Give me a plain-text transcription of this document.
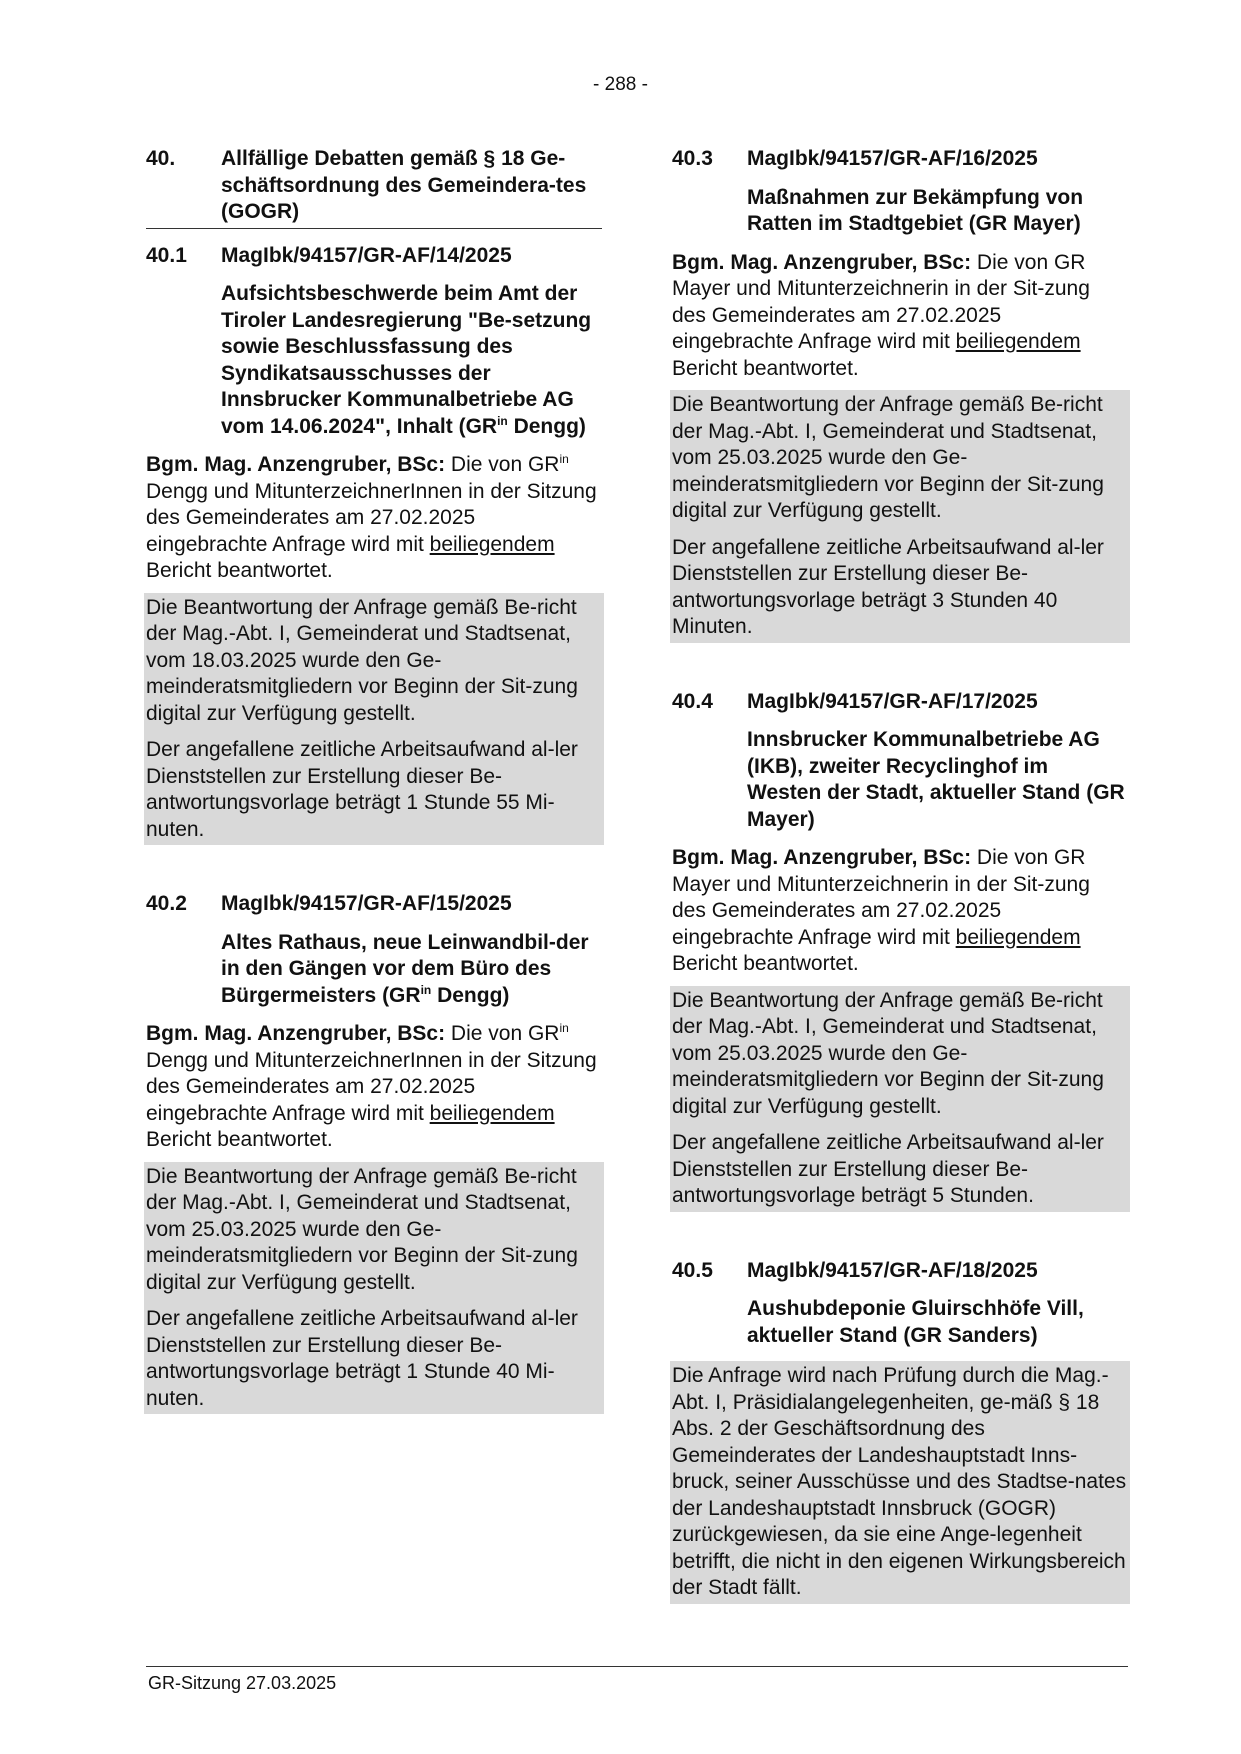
- 288 -
40.	Allfällige Debatten gemäß § 18 Ge-schäftsordnung des Gemeindera-tes (GOGR)
40.1	MagIbk/94157/GR-AF/14/2025
Aufsichtsbeschwerde beim Amt der Tiroler Landesregierung "Be-setzung sowie Beschlussfassung des Syndikatsausschusses der Innsbrucker Kommunalbetriebe AG vom 14.06.2024", Inhalt ($GR^{in}$ Dengg)
Bgm. Mag. Anzengruber, BSc: Die von $GR^{in}$ Dengg und MitunterzeichnerInnen in der Sitzung des Gemeinderates am 27.02.2025 eingebrachte Anfrage wird mit beiliegendem Bericht beantwortet.
Die Beantwortung der Anfrage gemäß Be-richt der Mag.-Abt. I, Gemeinderat und Stadtsenat, vom 18.03.2025 wurde den Ge-meinderatsmitgliedern vor Beginn der Sit-zung digital zur Verfügung gestellt.
Der angefallene zeitliche Arbeitsaufwand al-ler Dienststellen zur Erstellung dieser Be-antwortungsvorlage beträgt 1 Stunde 55 Mi-nuten.
40.2	MagIbk/94157/GR-AF/15/2025
Altes Rathaus, neue Leinwandbil-der in den Gängen vor dem Büro des Bürgermeisters ($GR^{in}$ Dengg)
Bgm. Mag. Anzengruber, BSc: Die von $GR^{in}$ Dengg und MitunterzeichnerInnen in der Sitzung des Gemeinderates am 27.02.2025 eingebrachte Anfrage wird mit beiliegendem Bericht beantwortet.
Die Beantwortung der Anfrage gemäß Be-richt der Mag.-Abt. I, Gemeinderat und Stadtsenat, vom 25.03.2025 wurde den Ge-meinderatsmitgliedern vor Beginn der Sit-zung digital zur Verfügung gestellt.
Der angefallene zeitliche Arbeitsaufwand al-ler Dienststellen zur Erstellung dieser Be-antwortungsvorlage beträgt 1 Stunde 40 Mi-nuten.
40.3	MagIbk/94157/GR-AF/16/2025
Maßnahmen zur Bekämpfung von Ratten im Stadtgebiet (GR Mayer)
Bgm. Mag. Anzengruber, BSc: Die von GR Mayer und Mitunterzeichnerin in der Sit-zung des Gemeinderates am 27.02.2025 eingebrachte Anfrage wird mit beiliegendem Bericht beantwortet.
Die Beantwortung der Anfrage gemäß Be-richt der Mag.-Abt. I, Gemeinderat und Stadtsenat, vom 25.03.2025 wurde den Ge-meinderatsmitgliedern vor Beginn der Sit-zung digital zur Verfügung gestellt.
Der angefallene zeitliche Arbeitsaufwand al-ler Dienststellen zur Erstellung dieser Be-antwortungsvorlage beträgt 3 Stunden 40 Minuten.
40.4	MagIbk/94157/GR-AF/17/2025
Innsbrucker Kommunalbetriebe AG (IKB), zweiter Recyclinghof im Westen der Stadt, aktueller Stand (GR Mayer)
Bgm. Mag. Anzengruber, BSc: Die von GR Mayer und Mitunterzeichnerin in der Sit-zung des Gemeinderates am 27.02.2025 eingebrachte Anfrage wird mit beiliegendem Bericht beantwortet.
Die Beantwortung der Anfrage gemäß Be-richt der Mag.-Abt. I, Gemeinderat und Stadtsenat, vom 25.03.2025 wurde den Ge-meinderatsmitgliedern vor Beginn der Sit-zung digital zur Verfügung gestellt.
Der angefallene zeitliche Arbeitsaufwand al-ler Dienststellen zur Erstellung dieser Be-antwortungsvorlage beträgt 5 Stunden.
40.5	MagIbk/94157/GR-AF/18/2025
Aushubdeponie Gluirschhöfe Vill, aktueller Stand (GR Sanders)
Die Anfrage wird nach Prüfung durch die Mag.-Abt. I, Präsidialangelegenheiten, ge-mäß § 18 Abs. 2 der Geschäftsordnung des Gemeinderates der Landeshauptstadt Inns-bruck, seiner Ausschüsse und des Stadtse-nates der Landeshauptstadt Innsbruck (GOGR) zurückgewiesen, da sie eine Ange-legenheit betrifft, die nicht in den eigenen Wirkungsbereich der Stadt fällt.
GR-Sitzung 27.03.2025
